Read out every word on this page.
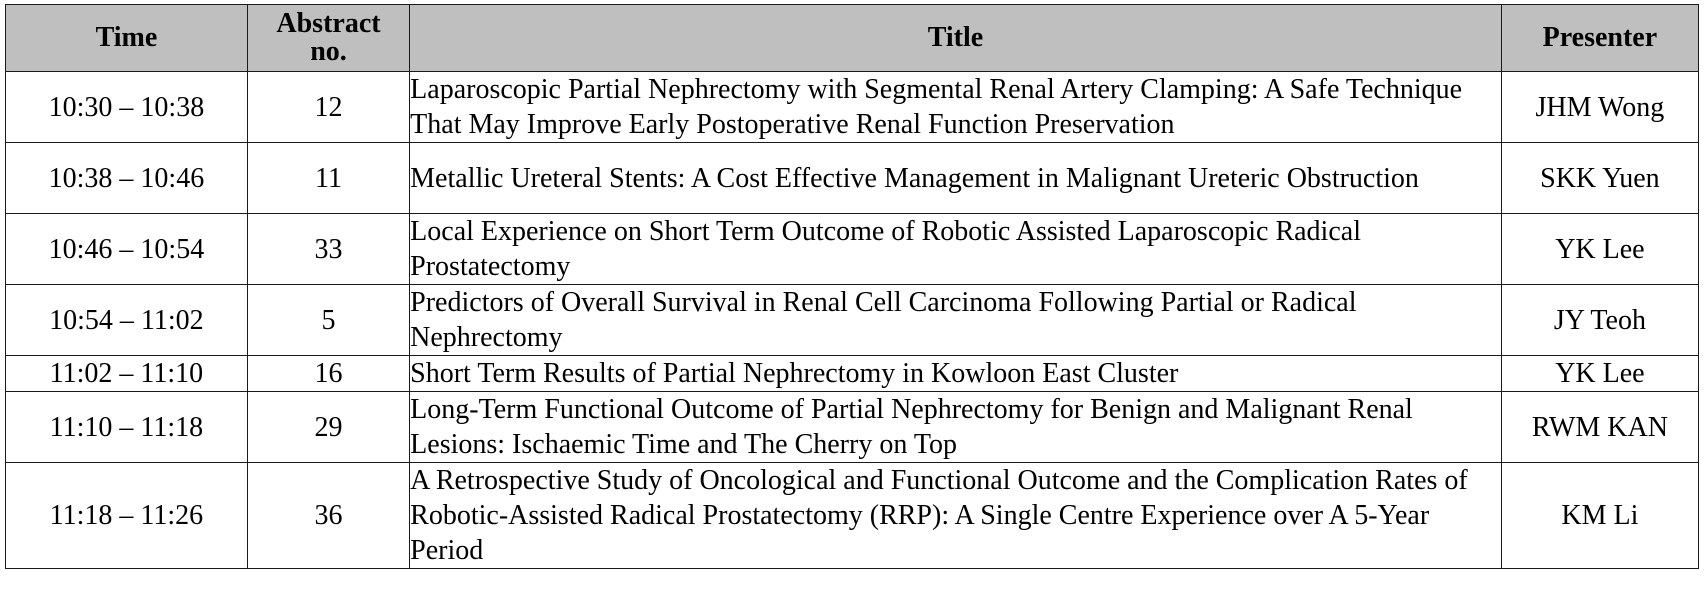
Time	Abstract no.	Title	Presenter
10:30 – 10:38	12	Laparoscopic Partial Nephrectomy with Segmental Renal Artery Clamping: A Safe Technique That May Improve Early Postoperative Renal Function Preservation	JHM Wong
10:38 – 10:46	11	Metallic Ureteral Stents: A Cost Effective Management in Malignant Ureteric Obstruction	SKK Yuen
10:46 – 10:54	33	Local Experience on Short Term Outcome of Robotic Assisted Laparoscopic Radical Prostatectomy	YK Lee
10:54 – 11:02	5	Predictors of Overall Survival in Renal Cell Carcinoma Following Partial or Radical Nephrectomy	JY Teoh
11:02 – 11:10	16	Short Term Results of Partial Nephrectomy in Kowloon East Cluster	YK Lee
11:10 – 11:18	29	Long-Term Functional Outcome of Partial Nephrectomy for Benign and Malignant Renal Lesions: Ischaemic Time and The Cherry on Top	RWM KAN
11:18 – 11:26	36	A Retrospective Study of Oncological and Functional Outcome and the Complication Rates of Robotic-Assisted Radical Prostatectomy (RRP): A Single Centre Experience over A 5-Year Period	KM Li
